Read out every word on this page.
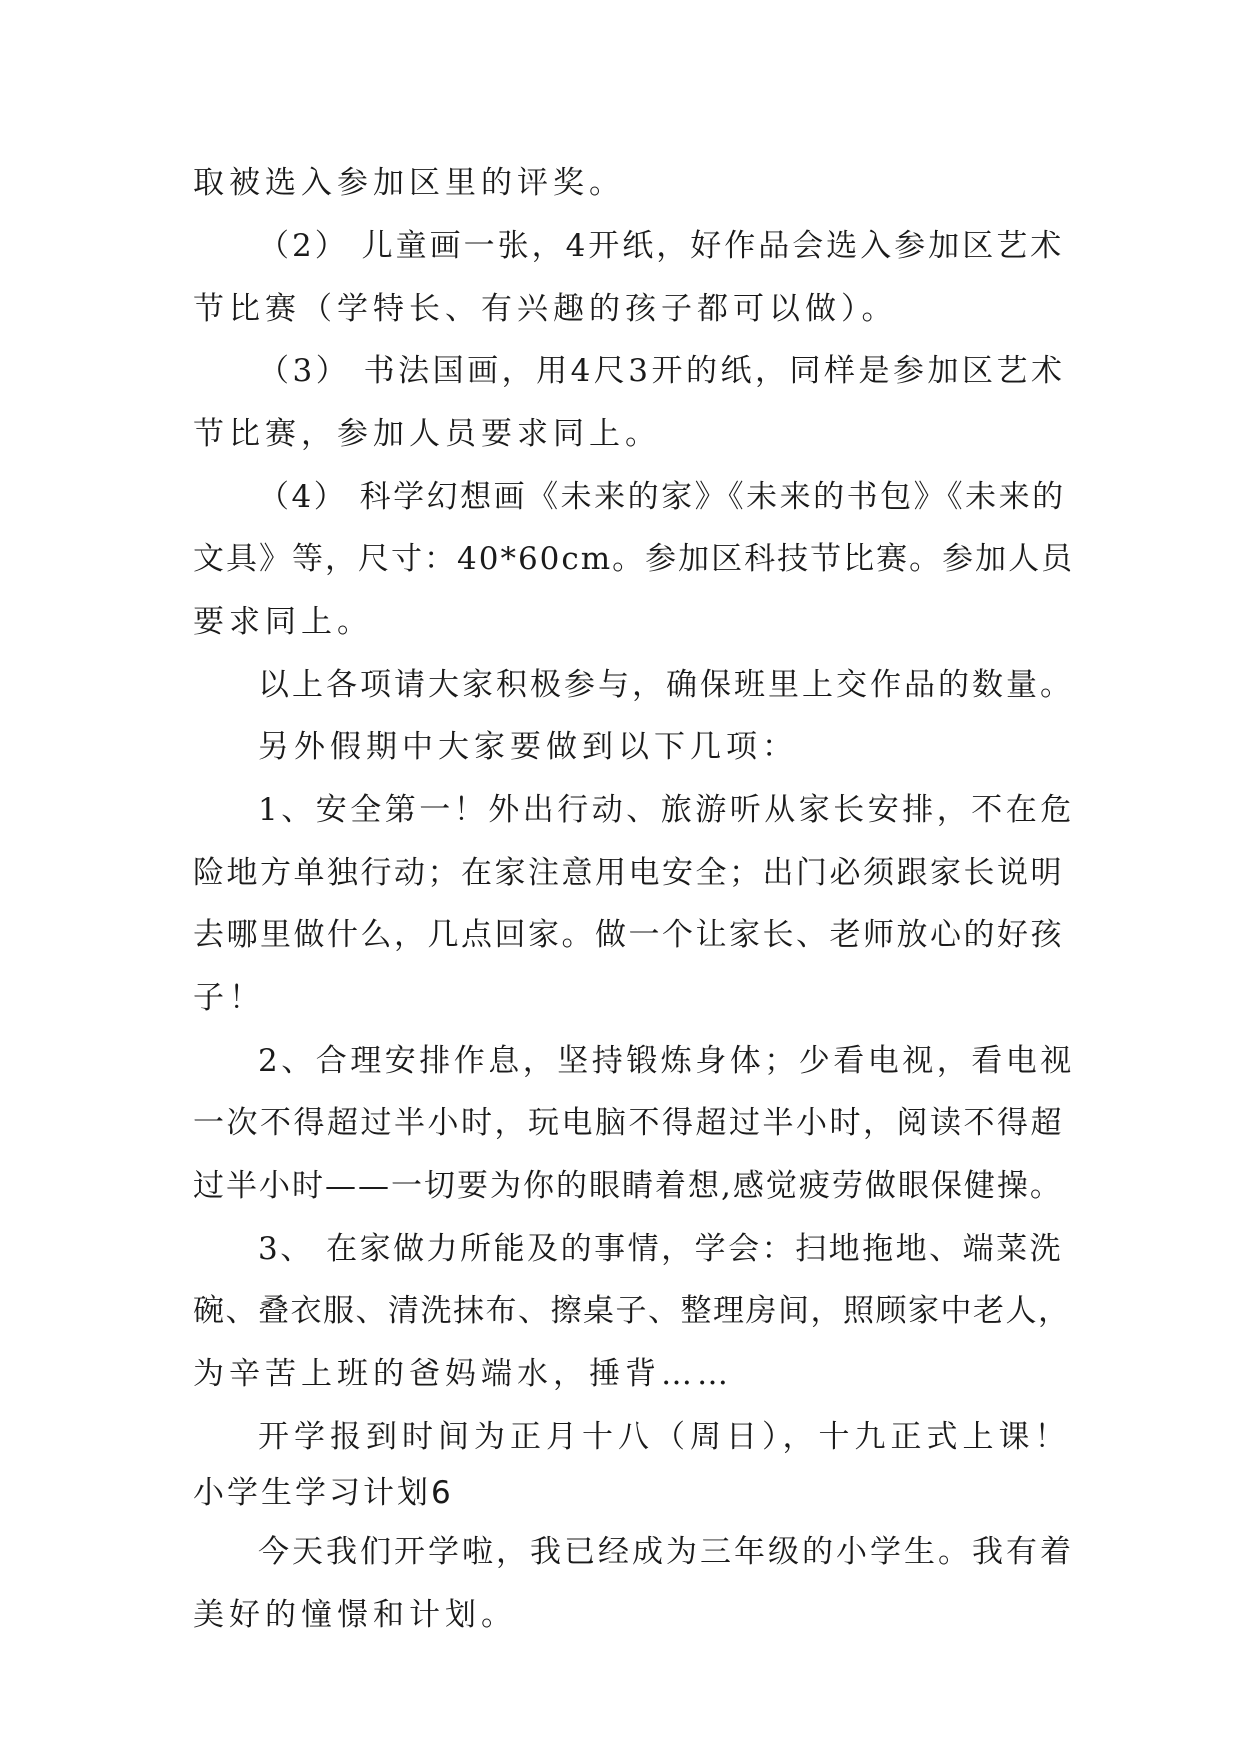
取被选入参加区里的评奖。
（2） 儿童画一张，4开纸，好作品会选入参加区艺术
节比赛（学特长、有兴趣的孩子都可以做）。
（3） 书法国画，用4尺3开的纸，同样是参加区艺术
节比赛，参加人员要求同上。
（4） 科学幻想画《未来的家》《未来的书包》《未来的
文具》等，尺寸：40*60cm。参加区科技节比赛。参加人员
要求同上。
以上各项请大家积极参与，确保班里上交作品的数量。
另外假期中大家要做到以下几项：
1、安全第一！外出行动、旅游听从家长安排，不在危
险地方单独行动；在家注意用电安全；出门必须跟家长说明
去哪里做什么，几点回家。做一个让家长、老师放心的好孩
子！
2、合理安排作息，坚持锻炼身体；少看电视，看电视
一次不得超过半小时，玩电脑不得超过半小时，阅读不得超
过半小时——一切要为你的眼睛着想,感觉疲劳做眼保健操。
3、 在家做力所能及的事情，学会：扫地拖地、端菜洗
碗、叠衣服、清洗抹布、擦桌子、整理房间，照顾家中老人，
为辛苦上班的爸妈端水，捶背……
开学报到时间为正月十八（周日），十九正式上课！
小学生学习计划6
今天我们开学啦，我已经成为三年级的小学生。我有着
美好的憧憬和计划。
